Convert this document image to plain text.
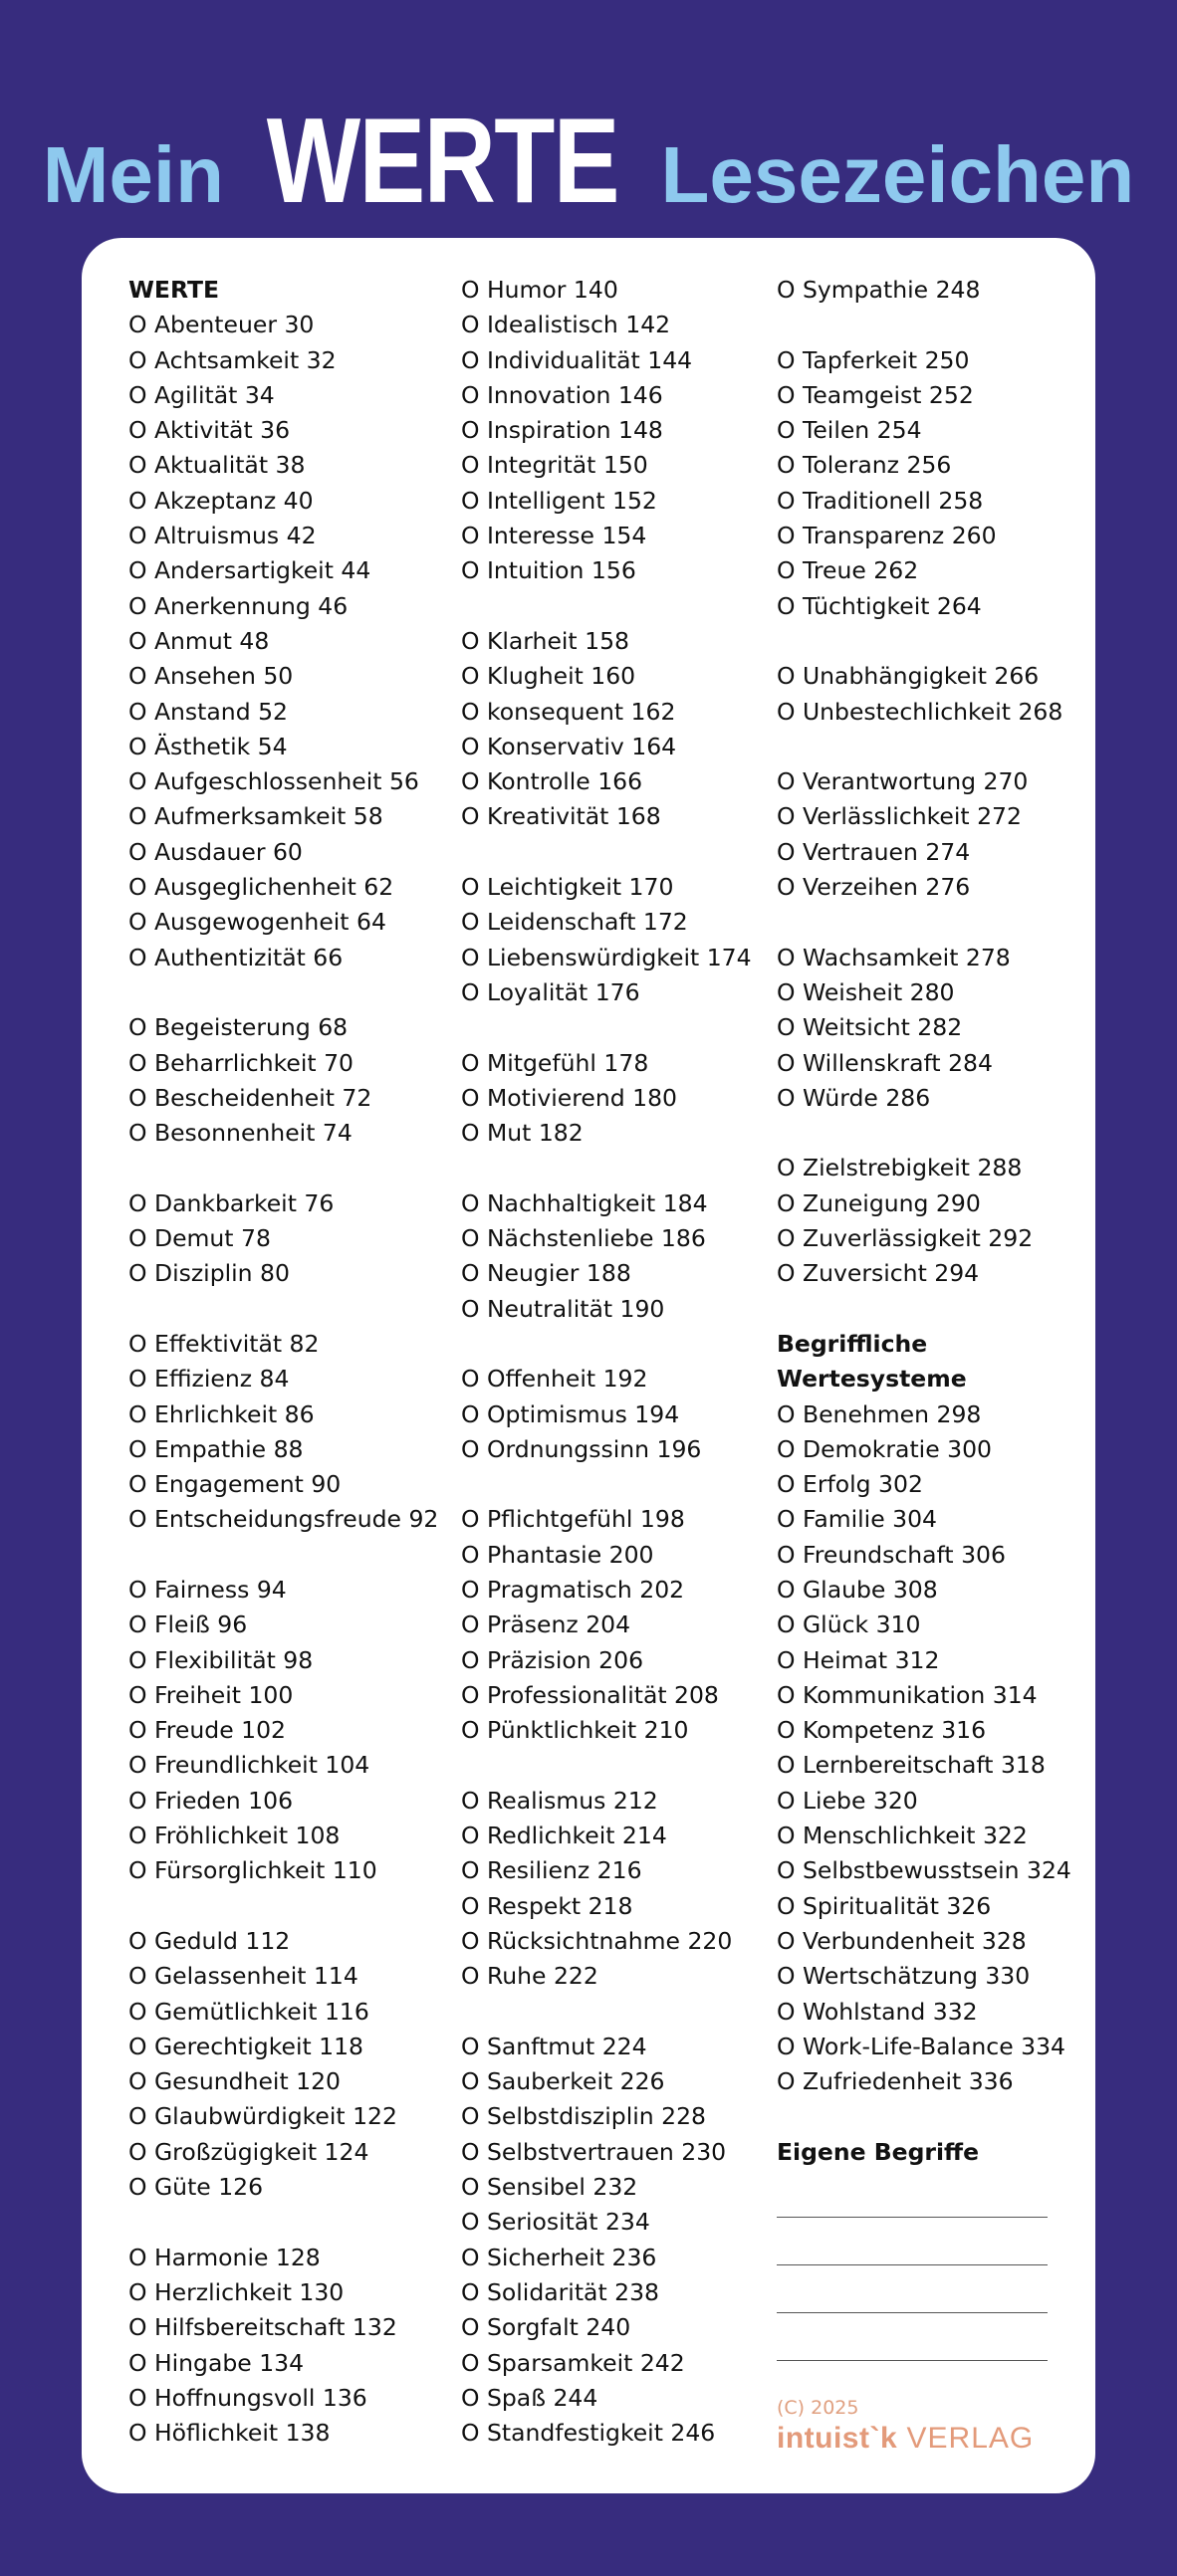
Mein WERTE Lesezeichen
WERTE
O Abenteuer 30
O Achtsamkeit 32
O Agilität 34
O Aktivität 36
O Aktualität 38
O Akzeptanz 40
O Altruismus 42
O Andersartigkeit 44
O Anerkennung 46
O Anmut 48
O Ansehen 50
O Anstand 52
O Ästhetik 54
O Aufgeschlossenheit 56
O Aufmerksamkeit 58
O Ausdauer 60
O Ausgeglichenheit 62
O Ausgewogenheit 64
O Authentizität 66
O Begeisterung 68
O Beharrlichkeit 70
O Bescheidenheit 72
O Besonnenheit 74
O Dankbarkeit 76
O Demut 78
O Disziplin 80
O Effektivität 82
O Effizienz 84
O Ehrlichkeit 86
O Empathie 88
O Engagement 90
O Entscheidungsfreude 92
O Fairness 94
O Fleiß 96
O Flexibilität 98
O Freiheit 100
O Freude 102
O Freundlichkeit 104
O Frieden 106
O Fröhlichkeit 108
O Fürsorglichkeit 110
O Geduld 112
O Gelassenheit 114
O Gemütlichkeit 116
O Gerechtigkeit 118
O Gesundheit 120
O Glaubwürdigkeit 122
O Großzügigkeit 124
O Güte 126
O Harmonie 128
O Herzlichkeit 130
O Hilfsbereitschaft 132
O Hingabe 134
O Hoffnungsvoll 136
O Höflichkeit 138
O Humor 140
O Idealistisch 142
O Individualität 144
O Innovation 146
O Inspiration 148
O Integrität 150
O Intelligent 152
O Interesse 154
O Intuition 156
O Klarheit 158
O Klugheit 160
O konsequent 162
O Konservativ 164
O Kontrolle 166
O Kreativität 168
O Leichtigkeit 170
O Leidenschaft 172
O Liebenswürdigkeit 174
O Loyalität 176
O Mitgefühl 178
O Motivierend 180
O Mut 182
O Nachhaltigkeit 184
O Nächstenliebe 186
O Neugier 188
O Neutralität 190
O Offenheit 192
O Optimismus 194
O Ordnungssinn 196
O Pflichtgefühl 198
O Phantasie 200
O Pragmatisch 202
O Präsenz 204
O Präzision 206
O Professionalität 208
O Pünktlichkeit 210
O Realismus 212
O Redlichkeit 214
O Resilienz 216
O Respekt 218
O Rücksichtnahme 220
O Ruhe 222
O Sanftmut 224
O Sauberkeit 226
O Selbstdisziplin 228
O Selbstvertrauen 230
O Sensibel 232
O Seriosität 234
O Sicherheit 236
O Solidarität 238
O Sorgfalt 240
O Sparsamkeit 242
O Spaß 244
O Standfestigkeit 246
O Sympathie 248
O Tapferkeit 250
O Teamgeist 252
O Teilen 254
O Toleranz 256
O Traditionell 258
O Transparenz 260
O Treue 262
O Tüchtigkeit 264
O Unabhängigkeit 266
O Unbestechlichkeit 268
O Verantwortung 270
O Verlässlichkeit 272
O Vertrauen 274
O Verzeihen 276
O Wachsamkeit 278
O Weisheit 280
O Weitsicht 282
O Willenskraft 284
O Würde 286
O Zielstrebigkeit 288
O Zuneigung 290
O Zuverlässigkeit 292
O Zuversicht 294
Begriffliche
Wertesysteme
O Benehmen 298
O Demokratie 300
O Erfolg 302
O Familie 304
O Freundschaft 306
O Glaube 308
O Glück 310
O Heimat 312
O Kommunikation 314
O Kompetenz 316
O Lernbereitschaft 318
O Liebe 320
O Menschlichkeit 322
O Selbstbewusstsein 324
O Spiritualität 326
O Verbundenheit 328
O Wertschätzung 330
O Wohlstand 332
O Work-Life-Balance 334
O Zufriedenheit 336
Eigene Begriffe
(C) 2025
intuist`k VERLAG
